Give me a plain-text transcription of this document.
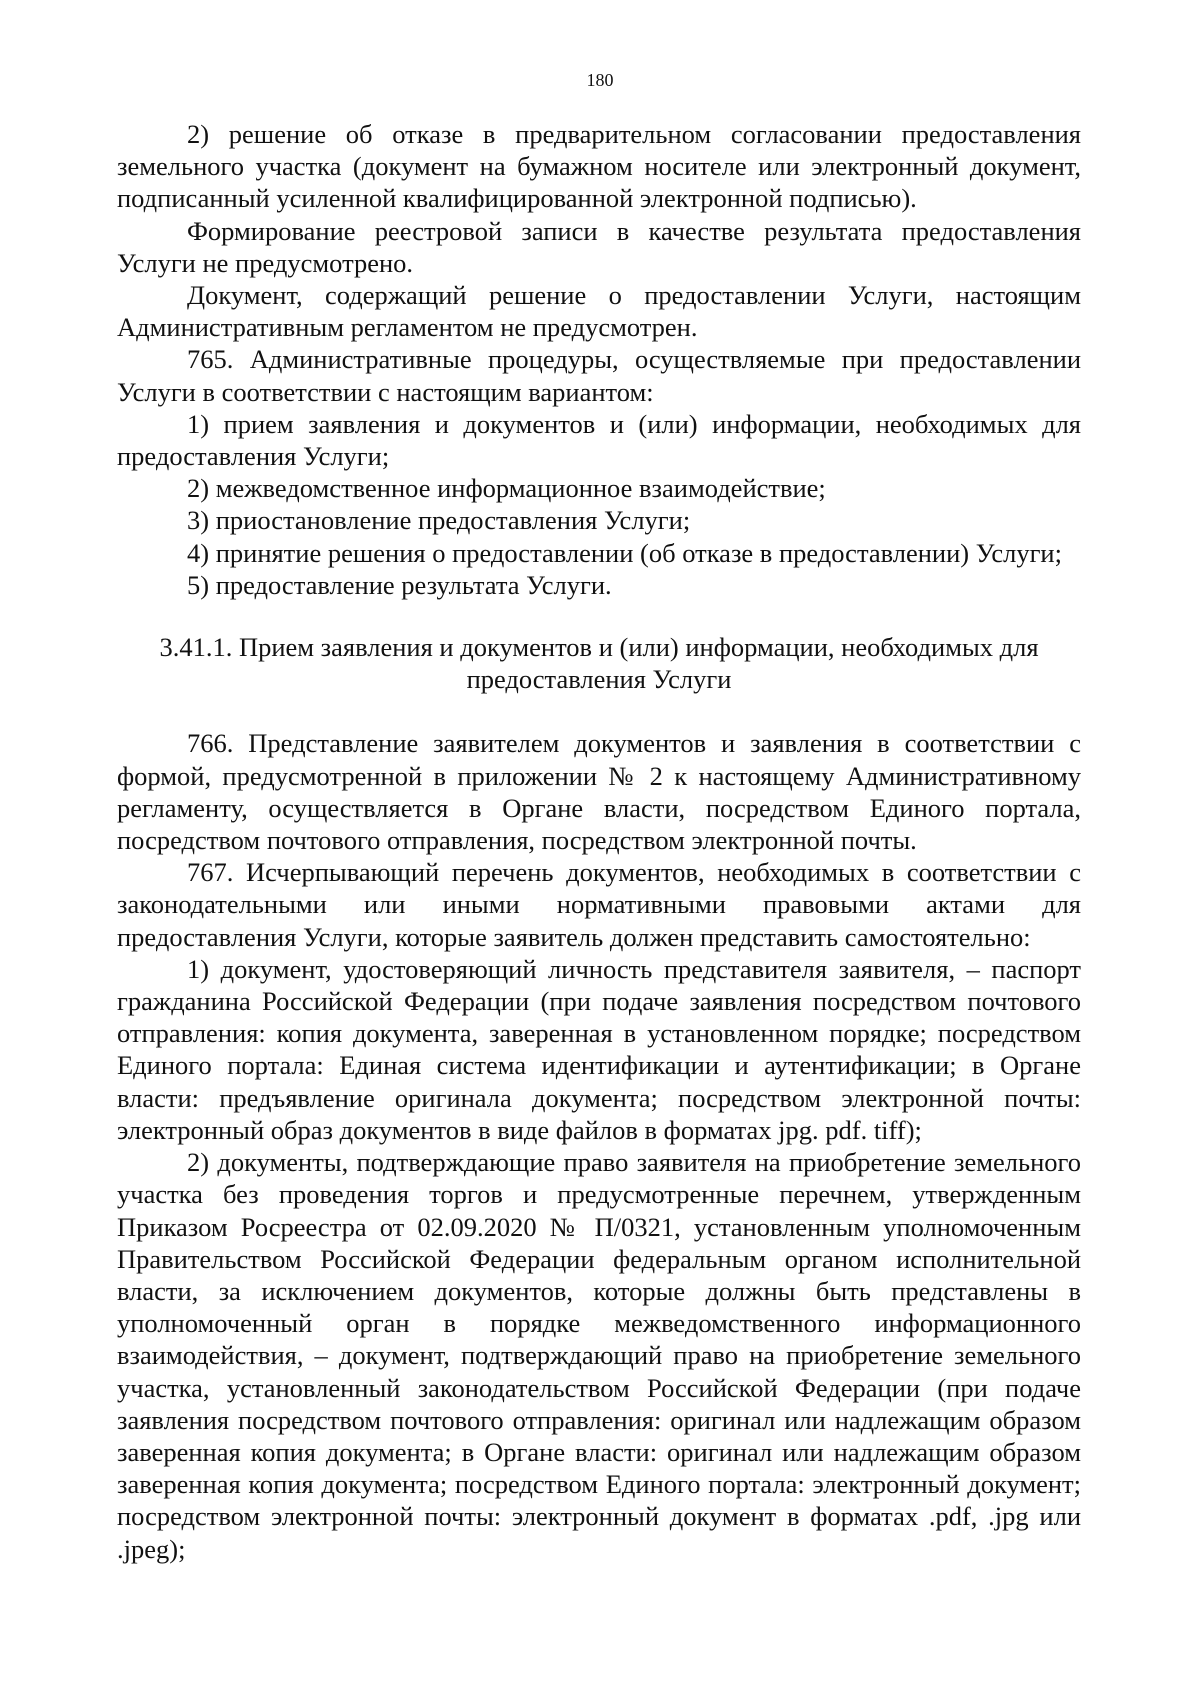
180

2) решение об отказе в предварительном согласовании предоставления земельного участка (документ на бумажном носителе или электронный документ, подписанный усиленной квалифицированной электронной подписью).

Формирование реестровой записи в качестве результата предоставления Услуги не предусмотрено.

Документ, содержащий решение о предоставлении Услуги, настоящим Административным регламентом не предусмотрен.

765. Административные процедуры, осуществляемые при предоставлении Услуги в соответствии с настоящим вариантом:

1) прием заявления и документов и (или) информации, необходимых для предоставления Услуги;

2) межведомственное информационное взаимодействие;

3) приостановление предоставления Услуги;

4) принятие решения о предоставлении (об отказе в предоставлении) Услуги;

5) предоставление результата Услуги.

3.41.1. Прием заявления и документов и (или) информации, необходимых для
предоставления Услуги

766. Представление заявителем документов и заявления в соответствии с формой, предусмотренной в приложении № 2 к настоящему Административному регламенту, осуществляется в Органе власти, посредством Единого портала, посредством почтового отправления, посредством электронной почты.

767. Исчерпывающий перечень документов, необходимых в соответствии с законодательными или иными нормативными правовыми актами для предоставления Услуги, которые заявитель должен представить самостоятельно:

1) документ, удостоверяющий личность представителя заявителя, – паспорт гражданина Российской Федерации (при подаче заявления посредством почтового отправления: копия документа, заверенная в установленном порядке; посредством Единого портала: Единая система идентификации и аутентификации; в Органе власти: предъявление оригинала документа; посредством электронной почты: электронный образ документов в виде файлов в форматах jpg. pdf. tiff);

2) документы, подтверждающие право заявителя на приобретение земельного участка без проведения торгов и предусмотренные перечнем, утвержденным Приказом Росреестра от 02.09.2020 № П/0321, установленным уполномоченным Правительством Российской Федерации федеральным органом исполнительной власти, за исключением документов, которые должны быть представлены в уполномоченный орган в порядке межведомственного информационного взаимодействия, – документ, подтверждающий право на приобретение земельного участка, установленный законодательством Российской Федерации (при подаче заявления посредством почтового отправления: оригинал или надлежащим образом заверенная копия документа; в Органе власти: оригинал или надлежащим образом заверенная копия документа; посредством Единого портала: электронный документ; посредством электронной почты: электронный документ в форматах .pdf, .jpg или .jpeg);
